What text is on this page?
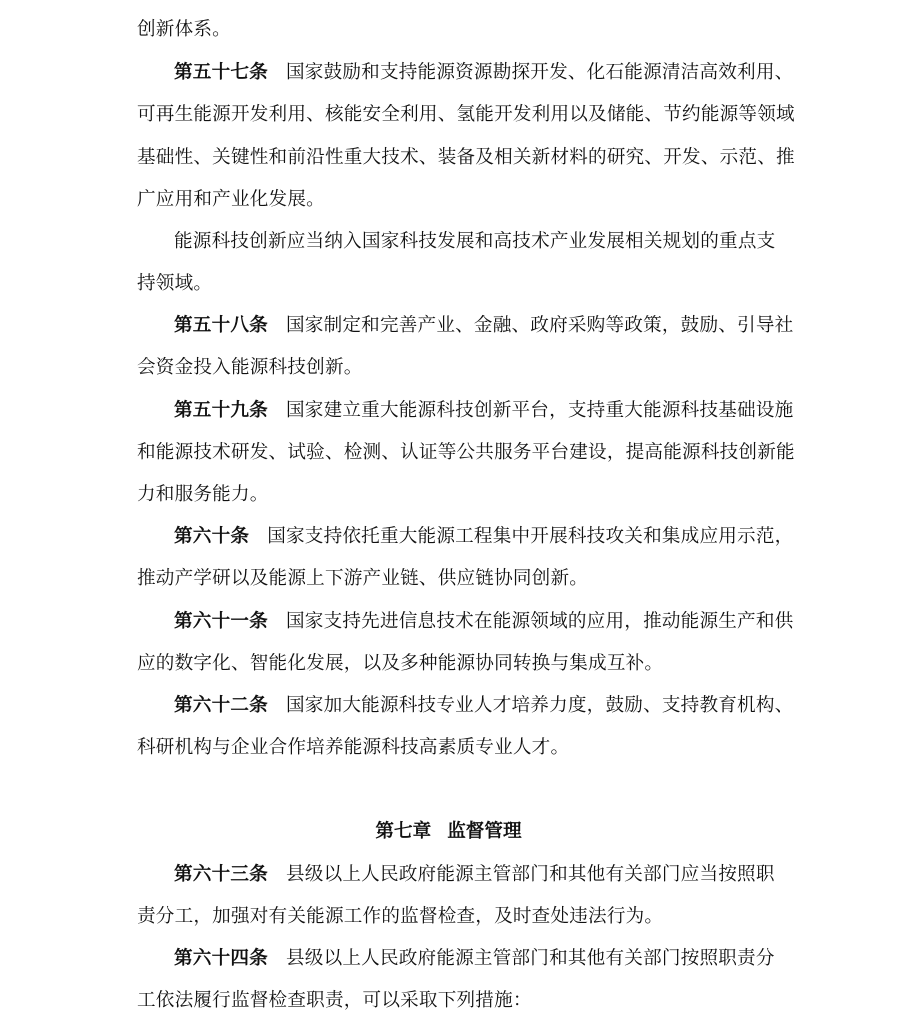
创新体系。
第五十七条 国家鼓励和支持能源资源勘探开发、化石能源清洁高效利用、
可再生能源开发利用、核能安全利用、氢能开发利用以及储能、节约能源等领域
基础性、关键性和前沿性重大技术、装备及相关新材料的研究、开发、示范、推
广应用和产业化发展。
能源科技创新应当纳入国家科技发展和高技术产业发展相关规划的重点支
持领域。
第五十八条 国家制定和完善产业、金融、政府采购等政策，鼓励、引导社
会资金投入能源科技创新。
第五十九条 国家建立重大能源科技创新平台，支持重大能源科技基础设施
和能源技术研发、试验、检测、认证等公共服务平台建设，提高能源科技创新能
力和服务能力。
第六十条 国家支持依托重大能源工程集中开展科技攻关和集成应用示范，
推动产学研以及能源上下游产业链、供应链协同创新。
第六十一条 国家支持先进信息技术在能源领域的应用，推动能源生产和供
应的数字化、智能化发展，以及多种能源协同转换与集成互补。
第六十二条 国家加大能源科技专业人才培养力度，鼓励、支持教育机构、
科研机构与企业合作培养能源科技高素质专业人才。
第七章 监督管理
第六十三条 县级以上人民政府能源主管部门和其他有关部门应当按照职
责分工，加强对有关能源工作的监督检查，及时查处违法行为。
第六十四条 县级以上人民政府能源主管部门和其他有关部门按照职责分
工依法履行监督检查职责，可以采取下列措施：
